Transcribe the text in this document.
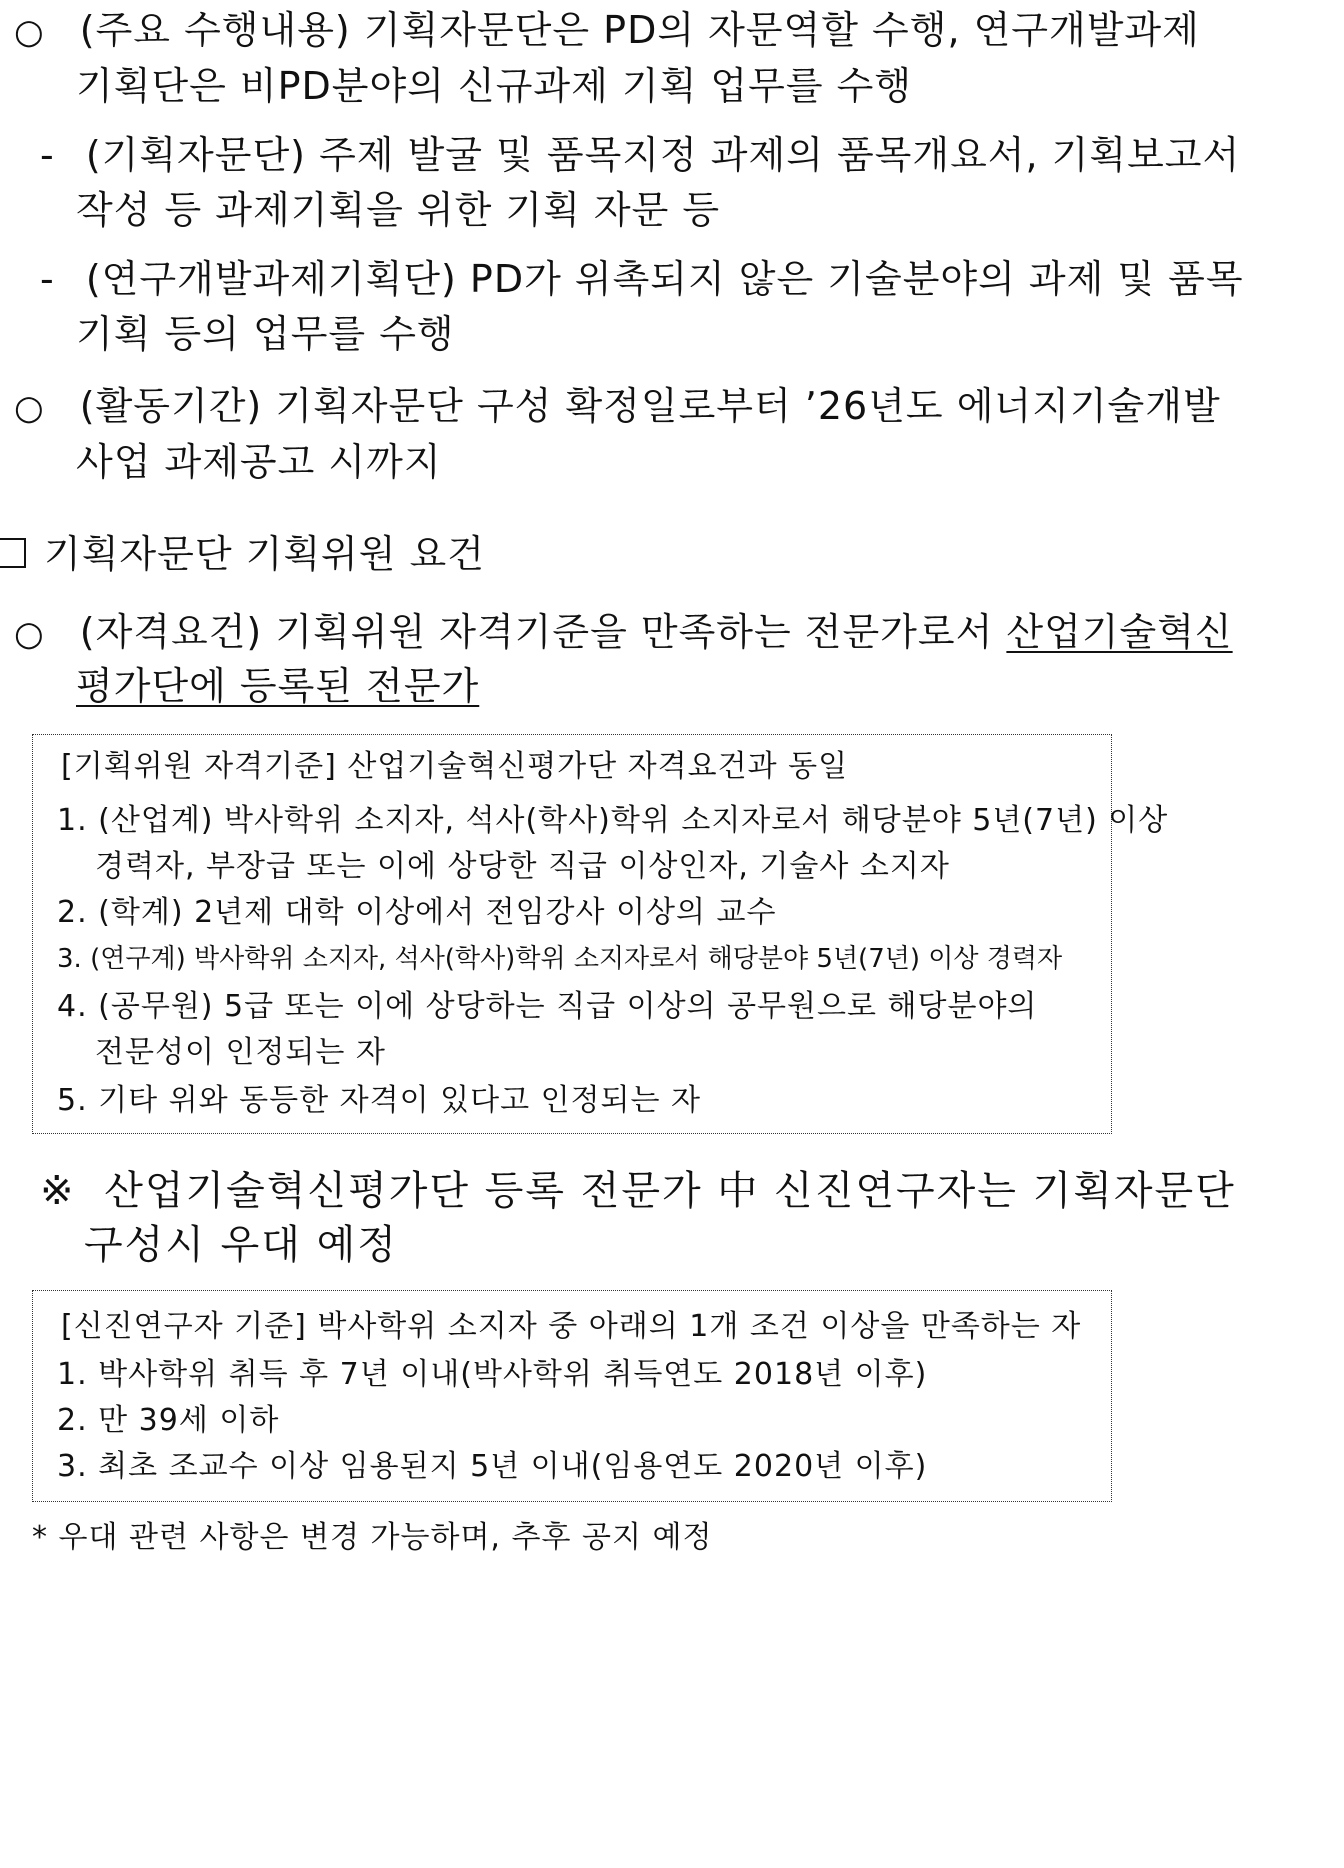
○ (주요 수행내용) 기획자문단은 PD의 자문역할 수행, 연구개발과제
기획단은 비PD분야의 신규과제 기획 업무를 수행
- (기획자문단) 주제 발굴 및 품목지정 과제의 품목개요서, 기획보고서
작성 등 과제기획을 위한 기획 자문 등
- (연구개발과제기획단) PD가 위촉되지 않은 기술분야의 과제 및 품목
기획 등의 업무를 수행
○ (활동기간) 기획자문단 구성 확정일로부터 ’26년도 에너지기술개발
사업 과제공고 시까지
기획자문단 기획위원 요건
○ (자격요건) 기획위원 자격기준을 만족하는 전문가로서 산업기술혁신
평가단에 등록된 전문가
[기획위원 자격기준] 산업기술혁신평가단 자격요건과 동일
1. (산업계) 박사학위 소지자, 석사(학사)학위 소지자로서 해당분야 5년(7년) 이상
경력자, 부장급 또는 이에 상당한 직급 이상인자, 기술사 소지자
2. (학계) 2년제 대학 이상에서 전임강사 이상의 교수
3. (연구계) 박사학위 소지자, 석사(학사)학위 소지자로서 해당분야 5년(7년) 이상 경력자
4. (공무원) 5급 또는 이에 상당하는 직급 이상의 공무원으로 해당분야의
전문성이 인정되는 자
5. 기타 위와 동등한 자격이 있다고 인정되는 자
※ 산업기술혁신평가단 등록 전문가 中 신진연구자는 기획자문단
구성시 우대 예정
[신진연구자 기준] 박사학위 소지자 중 아래의 1개 조건 이상을 만족하는 자
1. 박사학위 취득 후 7년 이내(박사학위 취득연도 2018년 이후)
2. 만 39세 이하
3. 최초 조교수 이상 임용된지 5년 이내(임용연도 2020년 이후)
* 우대 관련 사항은 변경 가능하며, 추후 공지 예정
